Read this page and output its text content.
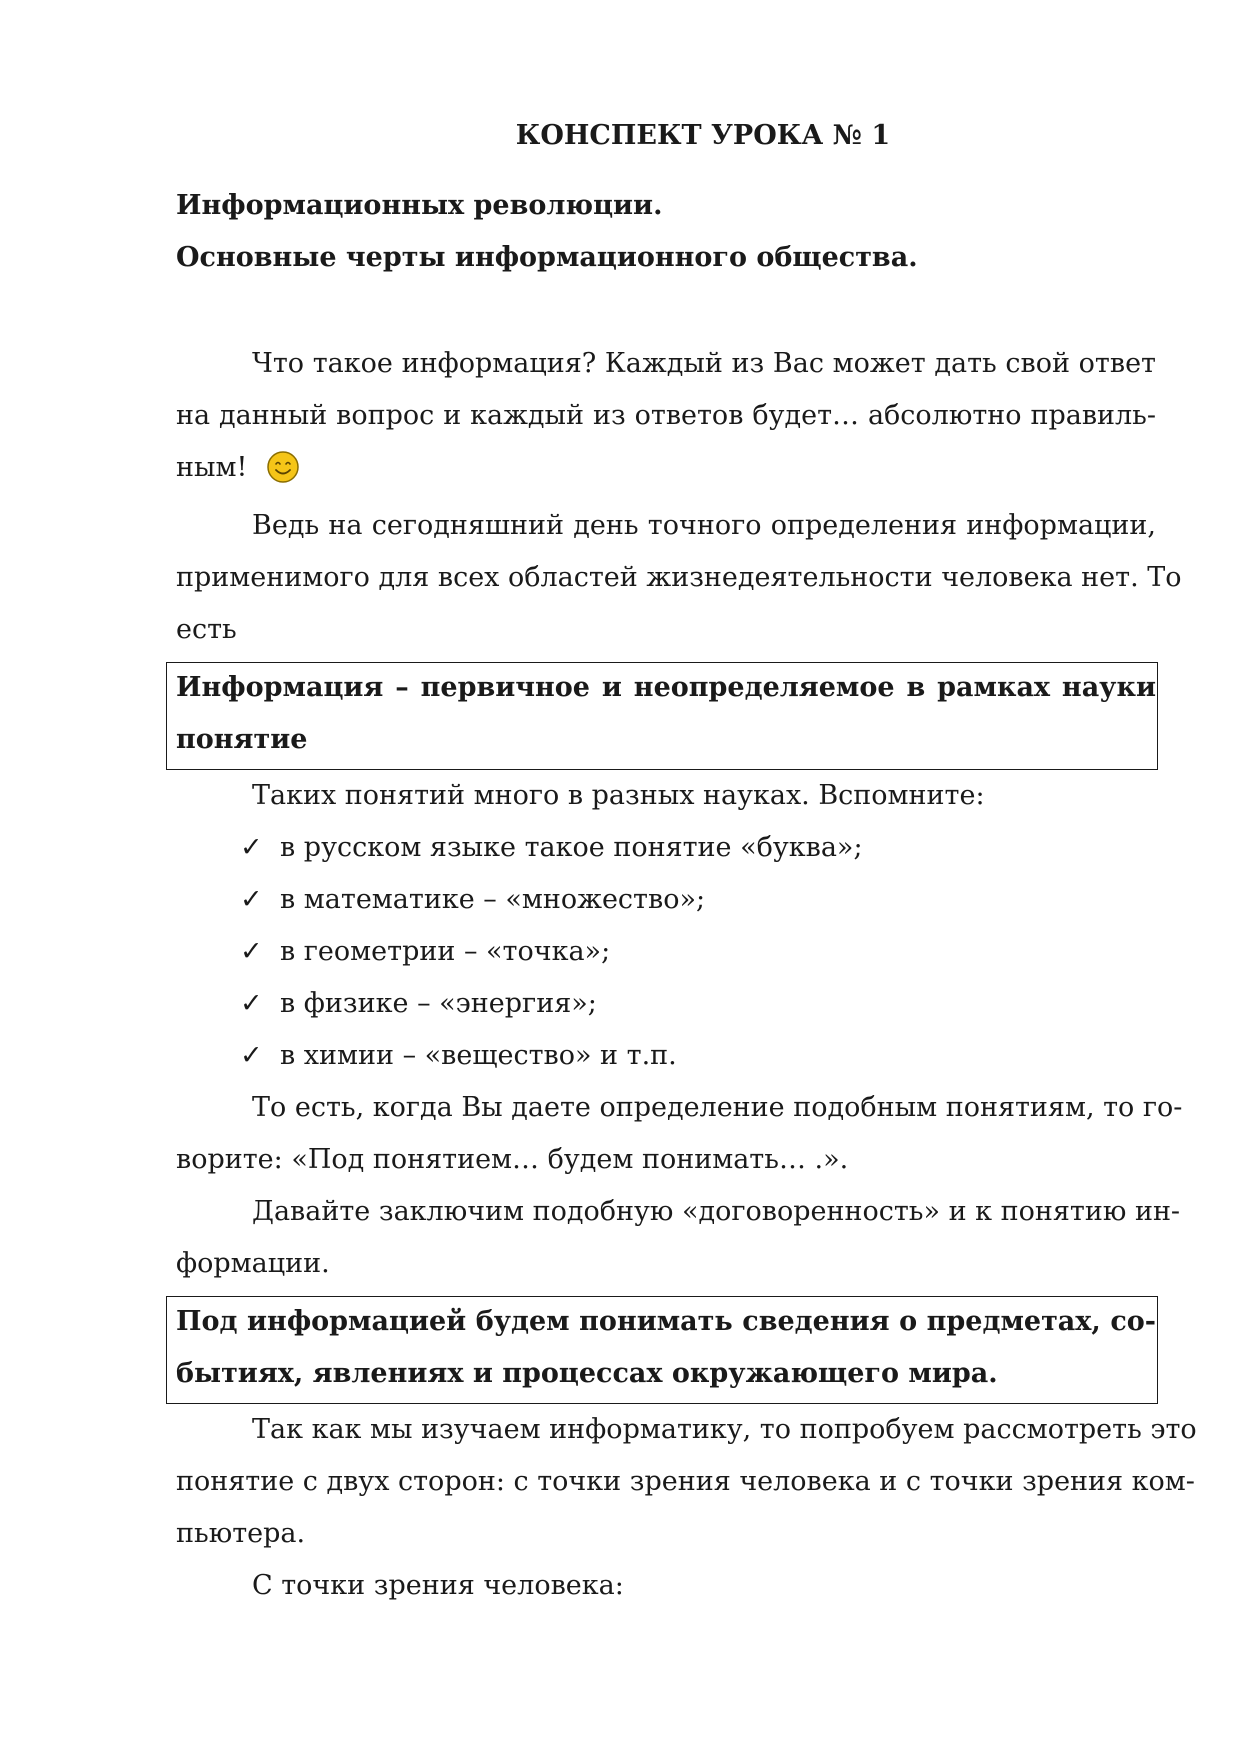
КОНСПЕКТ УРОКА № 1
Информационных революции.
Основные черты информационного общества.
Что такое информация? Каждый из Вас может дать свой ответ
на данный вопрос и каждый из ответов будет… абсолютно правиль-
ным!
Ведь на сегодняшний день точного определения информации,
применимого для всех областей жизнедеятельности человека нет. То
есть
Информация – первичное и неопределяемое в рамках науки
понятие
Таких понятий много в разных науках. Вспомните:
✓ в русском языке такое понятие «буква»;
✓ в математике – «множество»;
✓ в геометрии – «точка»;
✓ в физике – «энергия»;
✓ в химии – «вещество» и т.п.
То есть, когда Вы даете определение подобным понятиям, то го-
ворите: «Под понятием… будем понимать… .».
Давайте заключим подобную «договоренность» и к понятию ин-
формации.
Под информацией будем понимать сведения о предметах, со-
бытиях, явлениях и процессах окружающего мира.
Так как мы изучаем информатику, то попробуем рассмотреть это
понятие с двух сторон: с точки зрения человека и с точки зрения ком-
пьютера.
С точки зрения человека:
